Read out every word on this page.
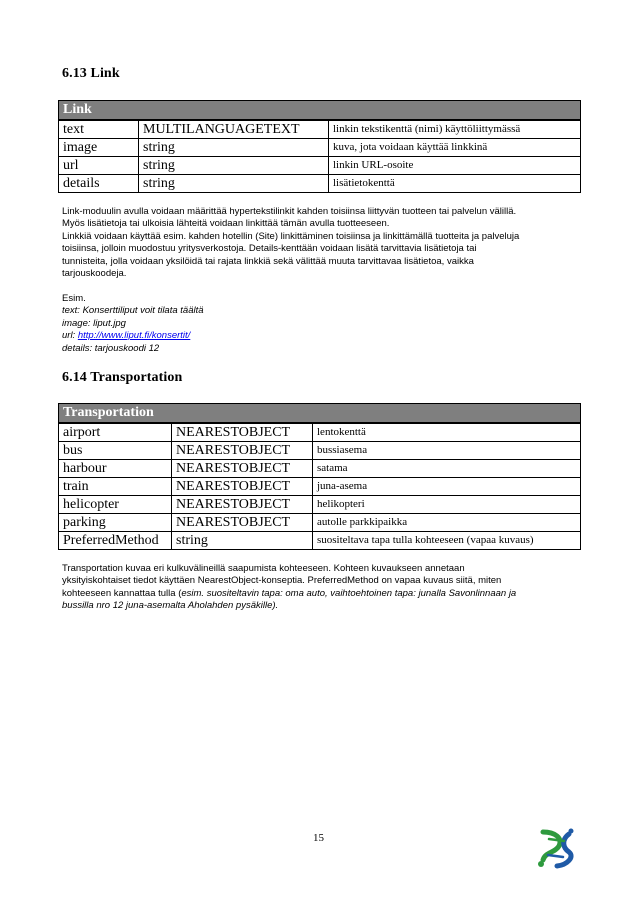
6.13 Link
Link		
text	MULTILANGUAGETEXT	linkin tekstikenttä (nimi) käyttöliittymässä
image	string	kuva, jota voidaan käyttää linkkinä
url	string	linkin URL-osoite
details	string	lisätietokenttä

Link-moduulin avulla voidaan määrittää hypertekstilinkit kahden toisiinsa liittyvän tuotteen tai palvelun välillä.
Myös lisätietoja tai ulkoisia lähteitä voidaan linkittää tämän avulla tuotteeseen.
Linkkiä voidaan käyttää esim. kahden hotellin (Site) linkittäminen toisiinsa ja linkittämällä tuotteita ja palveluja
toisiinsa, jolloin muodostuu yritysverkostoja. Details-kenttään voidaan lisätä tarvittavia lisätietoja tai
tunnisteita, jolla voidaan yksilöidä tai rajata linkkiä sekä välittää muuta tarvittavaa lisätietoa, vaikka
tarjouskoodeja.

Esim.
text: Konserttiliput voit tilata täältä
image: liput.jpg
url: http://www.liput.fi/konsertit/
details: tarjouskoodi 12

6.14 Transportation
Transportation		
airport	NEARESTOBJECT	lentokenttä
bus	NEARESTOBJECT	bussiasema
harbour	NEARESTOBJECT	satama
train	NEARESTOBJECT	juna-asema
helicopter	NEARESTOBJECT	helikopteri
parking	NEARESTOBJECT	autolle parkkipaikka
PreferredMethod	string	suositeltava tapa tulla kohteeseen (vapaa kuvaus)

Transportation kuvaa eri kulkuvälineillä saapumista kohteeseen. Kohteen kuvaukseen annetaan
yksityiskohtaiset tiedot käyttäen NearestObject-konseptia. PreferredMethod on vapaa kuvaus siitä, miten
kohteeseen kannattaa tulla (esim. suositeltavin tapa: oma auto, vaihtoehtoinen tapa: junalla Savonlinnaan ja
bussilla nro 12 juna-asemalta Aholahden pysäkille).

15
